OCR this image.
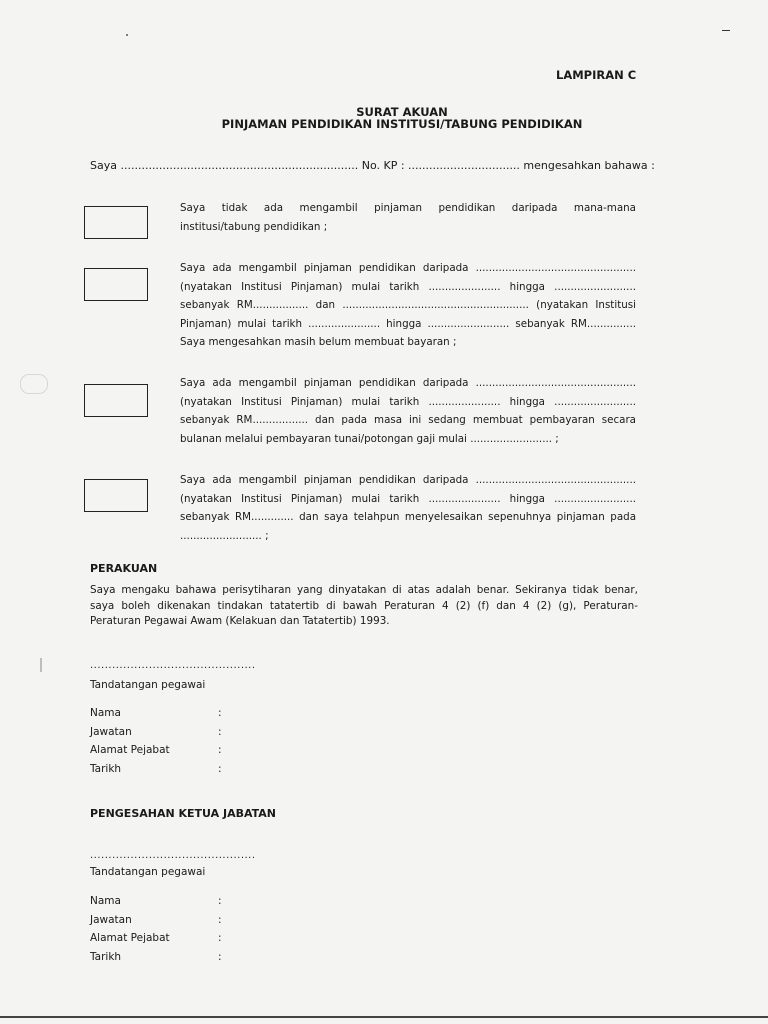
LAMPIRAN C
SURAT AKUAN
PINJAMAN PENDIDIKAN INSTITUSI/TABUNG PENDIDIKAN
Saya .................................................................... No. KP : ................................ mengesahkan bahawa :

Saya tidak ada mengambil pinjaman pendidikan daripada mana-mana

institusi/tabung pendidikan ;

Saya ada mengambil pinjaman pendidikan daripada .................................................

(nyatakan Institusi Pinjaman) mulai tarikh ...................... hingga .........................

sebanyak RM................. dan ......................................................... (nyatakan Institusi

Pinjaman) mulai tarikh ...................... hingga ......................... sebanyak RM...............

Saya mengesahkan masih belum membuat bayaran ;

Saya ada mengambil pinjaman pendidikan daripada .................................................

(nyatakan Institusi Pinjaman) mulai tarikh ...................... hingga .........................

sebanyak RM................. dan pada masa ini sedang membuat pembayaran secara

bulanan melalui pembayaran tunai/potongan gaji mulai ......................... ;

Saya ada mengambil pinjaman pendidikan daripada .................................................

(nyatakan Institusi Pinjaman) mulai tarikh ...................... hingga .........................

sebanyak RM............. dan saya telahpun menyelesaikan sepenuhnya pinjaman pada

......................... ;

PERAKUAN

Saya mengaku bahawa perisytiharan yang dinyatakan di atas adalah benar. Sekiranya tidak benar,

saya boleh dikenakan tindakan tatatertib di bawah Peraturan 4 (2) (f) dan 4 (2) (g), Peraturan-

Peraturan Pegawai Awam (Kelakuan dan Tatatertib) 1993.

.............................................
Tandatangan pegawai
Nama	:
Jawatan	:
Alamat Pejabat	:
Tarikh	:
PENGESAHAN KETUA JABATAN
.............................................
Tandatangan pegawai
Nama	:
Jawatan	:
Alamat Pejabat	:
Tarikh	:
